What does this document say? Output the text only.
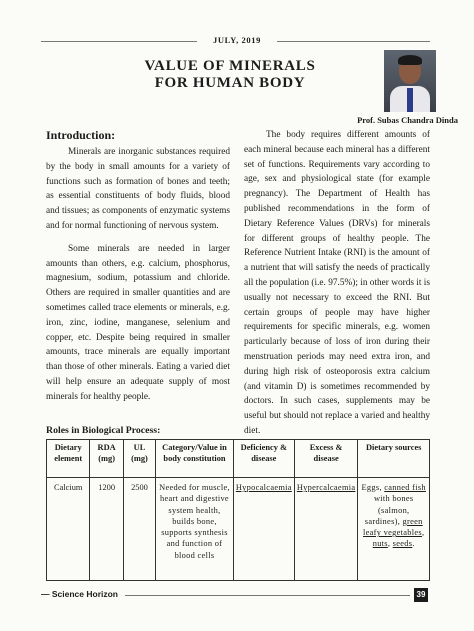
JULY, 2019
VALUE OF MINERALS
FOR HUMAN BODY
Prof. Subas Chandra Dinda
Introduction:

Minerals are inorganic substances required by the body in small amounts for a variety of functions such as formation of bones and teeth; as essential constituents of body fluids, blood and tissues; as components of enzymatic systems and for normal functioning of nervous system.

Some minerals are needed in larger amounts than others, e.g. calcium, phosphorus, magnesium, sodium, potassium and chloride. Others are required in smaller quantities and are sometimes called trace elements or minerals, e.g. iron, zinc, iodine, manganese, selenium and copper, etc. Despite being required in smaller amounts, trace minerals are equally important than those of other minerals. Eating a varied diet will help ensure an adequate supply of most minerals for healthy people.

The body requires different amounts of each mineral because each mineral has a different set of functions. Requirements vary according to age, sex and physiological state (for example pregnancy). The Department of Health has published recommendations in the form of Dietary Reference Values (DRVs) for minerals for different groups of healthy people. The Reference Nutrient Intake (RNI) is the amount of a nutrient that will satisfy the needs of practically all the population (i.e. 97.5%); in other words it is usually not necessary to exceed the RNI. But certain groups of people may have higher requirements for specific minerals, e.g. women particularly because of loss of iron during their menstruation periods may need extra iron, and during high risk of osteoporosis extra calcium (and vitamin D) is sometimes recommended by doctors. In such cases, supplements may be useful but should not replace a varied and healthy diet.

Roles in Biological Process:
Dietary element	RDA (mg)	UL (mg)	Category/Value in body constitution	Deficiency & disease	Excess & disease	Dietary sources
Calcium	1200	2500	Needed for muscle, heart and digestive system health, builds bone, supports synthesis and function of blood cells	Hypocalcaemia	Hypercalcaemia	Eggs, canned fish with bones (salmon, sardines), green leafy vegetables, nuts, seeds.
— Science Horizon	39
